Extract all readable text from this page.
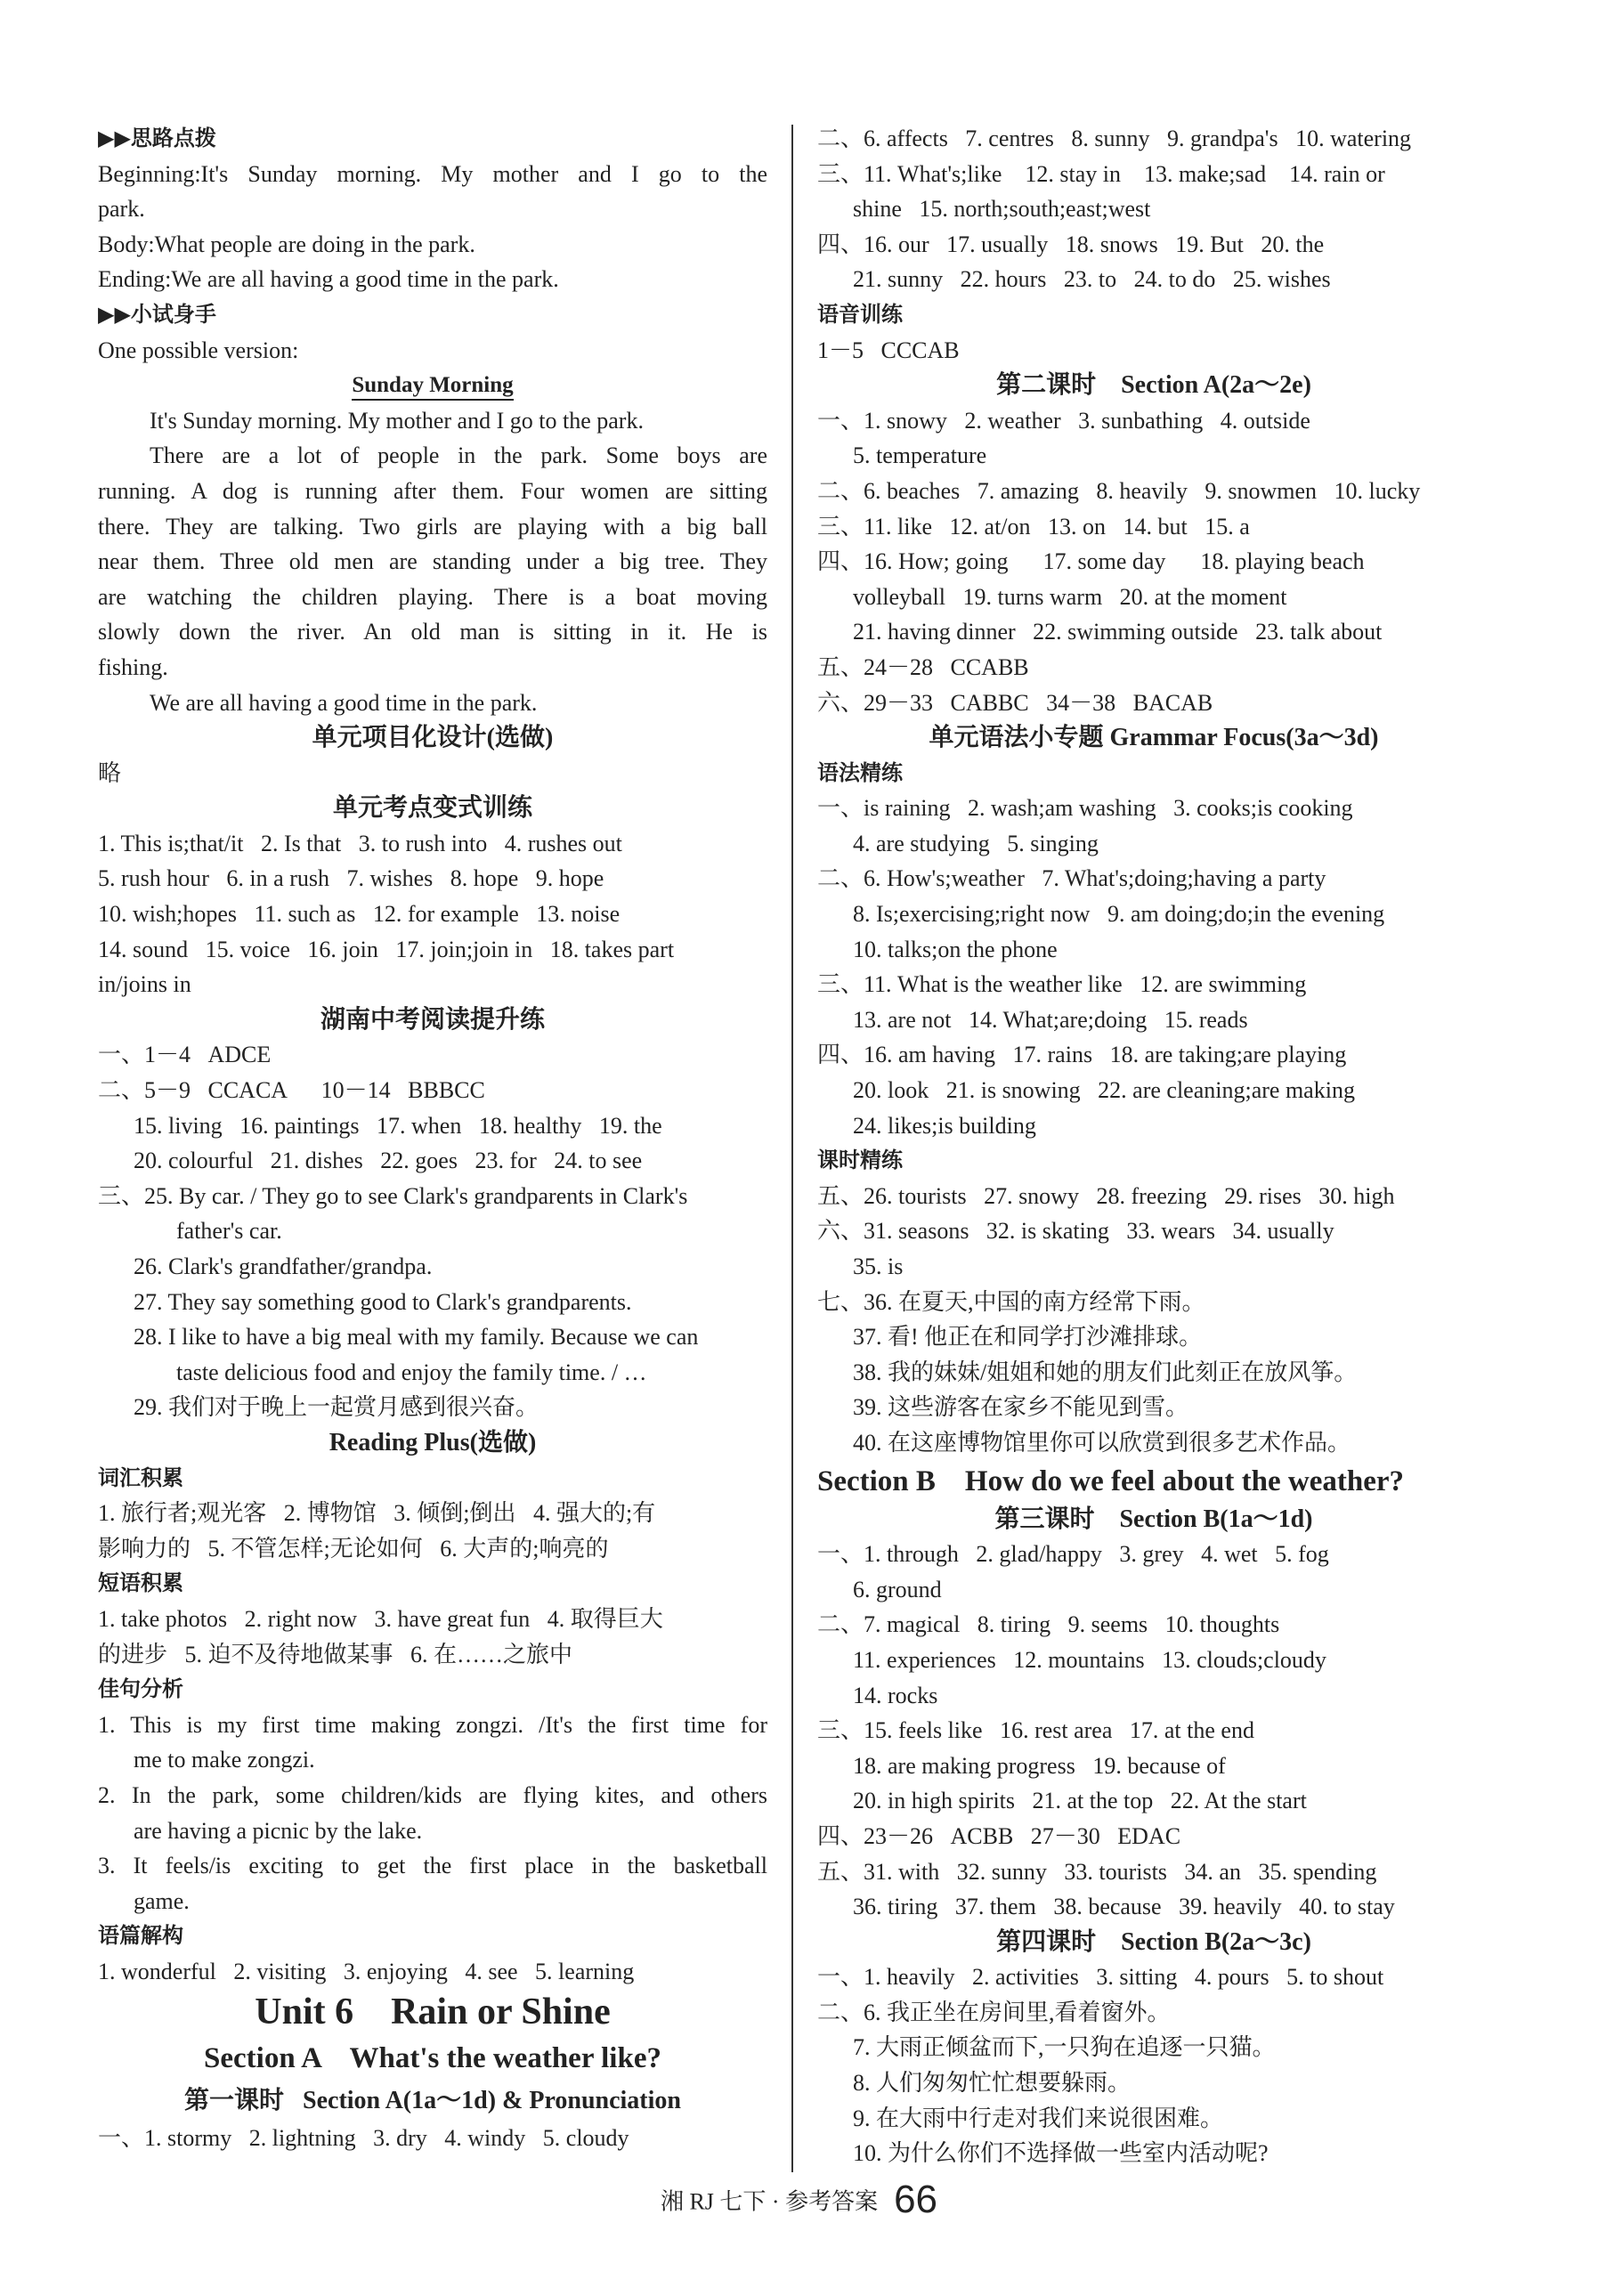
▶▶思路点拨
Beginning:It's Sunday morning. My mother and I go to the
park.
Body:What people are doing in the park.
Ending:We are all having a good time in the park.
▶▶小试身手
One possible version:
Sunday Morning
It's Sunday morning. My mother and I go to the park.
There are a lot of people in the park. Some boys are
running. A dog is running after them. Four women are sitting
there. They are talking. Two girls are playing with a big ball
near them. Three old men are standing under a big tree. They
are watching the children playing. There is a boat moving
slowly down the river. An old man is sitting in it. He is
fishing.
We are all having a good time in the park.
单元项目化设计(选做)
略
单元考点变式训练
1. This is;that/it   2. Is that   3. to rush into   4. rushes out
5. rush hour   6. in a rush   7. wishes   8. hope   9. hope
10. wish;hopes   11. such as   12. for example   13. noise
14. sound   15. voice   16. join   17. join;join in   18. takes part
in/joins in
湖南中考阅读提升练
一、1－4   ADCE
二、5－9   CCACA      10－14   BBBCC
15. living   16. paintings   17. when   18. healthy   19. the
20. colourful   21. dishes   22. goes   23. for   24. to see
三、25. By car. / They go to see Clark's grandparents in Clark's
father's car.
26. Clark's grandfather/grandpa.
27. They say something good to Clark's grandparents.
28. I like to have a big meal with my family. Because we can
taste delicious food and enjoy the family time. / …
29. 我们对于晚上一起赏月感到很兴奋。
Reading Plus(选做)
词汇积累
1. 旅行者;观光客   2. 博物馆   3. 倾倒;倒出   4. 强大的;有
影响力的   5. 不管怎样;无论如何   6. 大声的;响亮的
短语积累
1. take photos   2. right now   3. have great fun   4. 取得巨大
的进步   5. 迫不及待地做某事   6. 在……之旅中
佳句分析
1. This is my first time making zongzi. /It's the first time for
me to make zongzi.
2. In the park, some children/kids are flying kites, and others
are having a picnic by the lake.
3. It feels/is exciting to get the first place in the basketball
game.
语篇解构
1. wonderful   2. visiting   3. enjoying   4. see   5. learning
Unit 6    Rain or Shine
Section A    What's the weather like?
第一课时   Section A(1a～1d) & Pronunciation
一、1. stormy   2. lightning   3. dry   4. windy   5. cloudy
二、6. affects   7. centres   8. sunny   9. grandpa's   10. watering
三、11. What's;like    12. stay in    13. make;sad    14. rain or
shine   15. north;south;east;west
四、16. our   17. usually   18. snows   19. But   20. the
21. sunny   22. hours   23. to   24. to do   25. wishes
语音训练
1－5   CCCAB
第二课时    Section A(2a～2e)
一、1. snowy   2. weather   3. sunbathing   4. outside
5. temperature
二、6. beaches   7. amazing   8. heavily   9. snowmen   10. lucky
三、11. like   12. at/on   13. on   14. but   15. a
四、16. How; going      17. some day      18. playing beach
volleyball   19. turns warm   20. at the moment
21. having dinner   22. swimming outside   23. talk about
五、24－28   CCABB
六、29－33   CABBC   34－38   BACAB
单元语法小专题 Grammar Focus(3a～3d)
语法精练
一、is raining   2. wash;am washing   3. cooks;is cooking
4. are studying   5. singing
二、6. How's;weather   7. What's;doing;having a party
8. Is;exercising;right now   9. am doing;do;in the evening
10. talks;on the phone
三、11. What is the weather like   12. are swimming
13. are not   14. What;are;doing   15. reads
四、16. am having   17. rains   18. are taking;are playing
20. look   21. is snowing   22. are cleaning;are making
24. likes;is building
课时精练
五、26. tourists   27. snowy   28. freezing   29. rises   30. high
六、31. seasons   32. is skating   33. wears   34. usually
35. is
七、36. 在夏天,中国的南方经常下雨。
37. 看! 他正在和同学打沙滩排球。
38. 我的妹妹/姐姐和她的朋友们此刻正在放风筝。
39. 这些游客在家乡不能见到雪。
40. 在这座博物馆里你可以欣赏到很多艺术作品。
Section B    How do we feel about the weather?
第三课时    Section B(1a～1d)
一、1. through   2. glad/happy   3. grey   4. wet   5. fog
6. ground
二、7. magical   8. tiring   9. seems   10. thoughts
11. experiences   12. mountains   13. clouds;cloudy
14. rocks
三、15. feels like   16. rest area   17. at the end
18. are making progress   19. because of
20. in high spirits   21. at the top   22. At the start
四、23－26   ACBB   27－30   EDAC
五、31. with   32. sunny   33. tourists   34. an   35. spending
36. tiring   37. them   38. because   39. heavily   40. to stay
第四课时    Section B(2a～3c)
一、1. heavily   2. activities   3. sitting   4. pours   5. to shout
二、6. 我正坐在房间里,看着窗外。
7. 大雨正倾盆而下,一只狗在追逐一只猫。
8. 人们匆匆忙忙想要躲雨。
9. 在大雨中行走对我们来说很困难。
10. 为什么你们不选择做一些室内活动呢?
湘 RJ 七下 · 参考答案 66
